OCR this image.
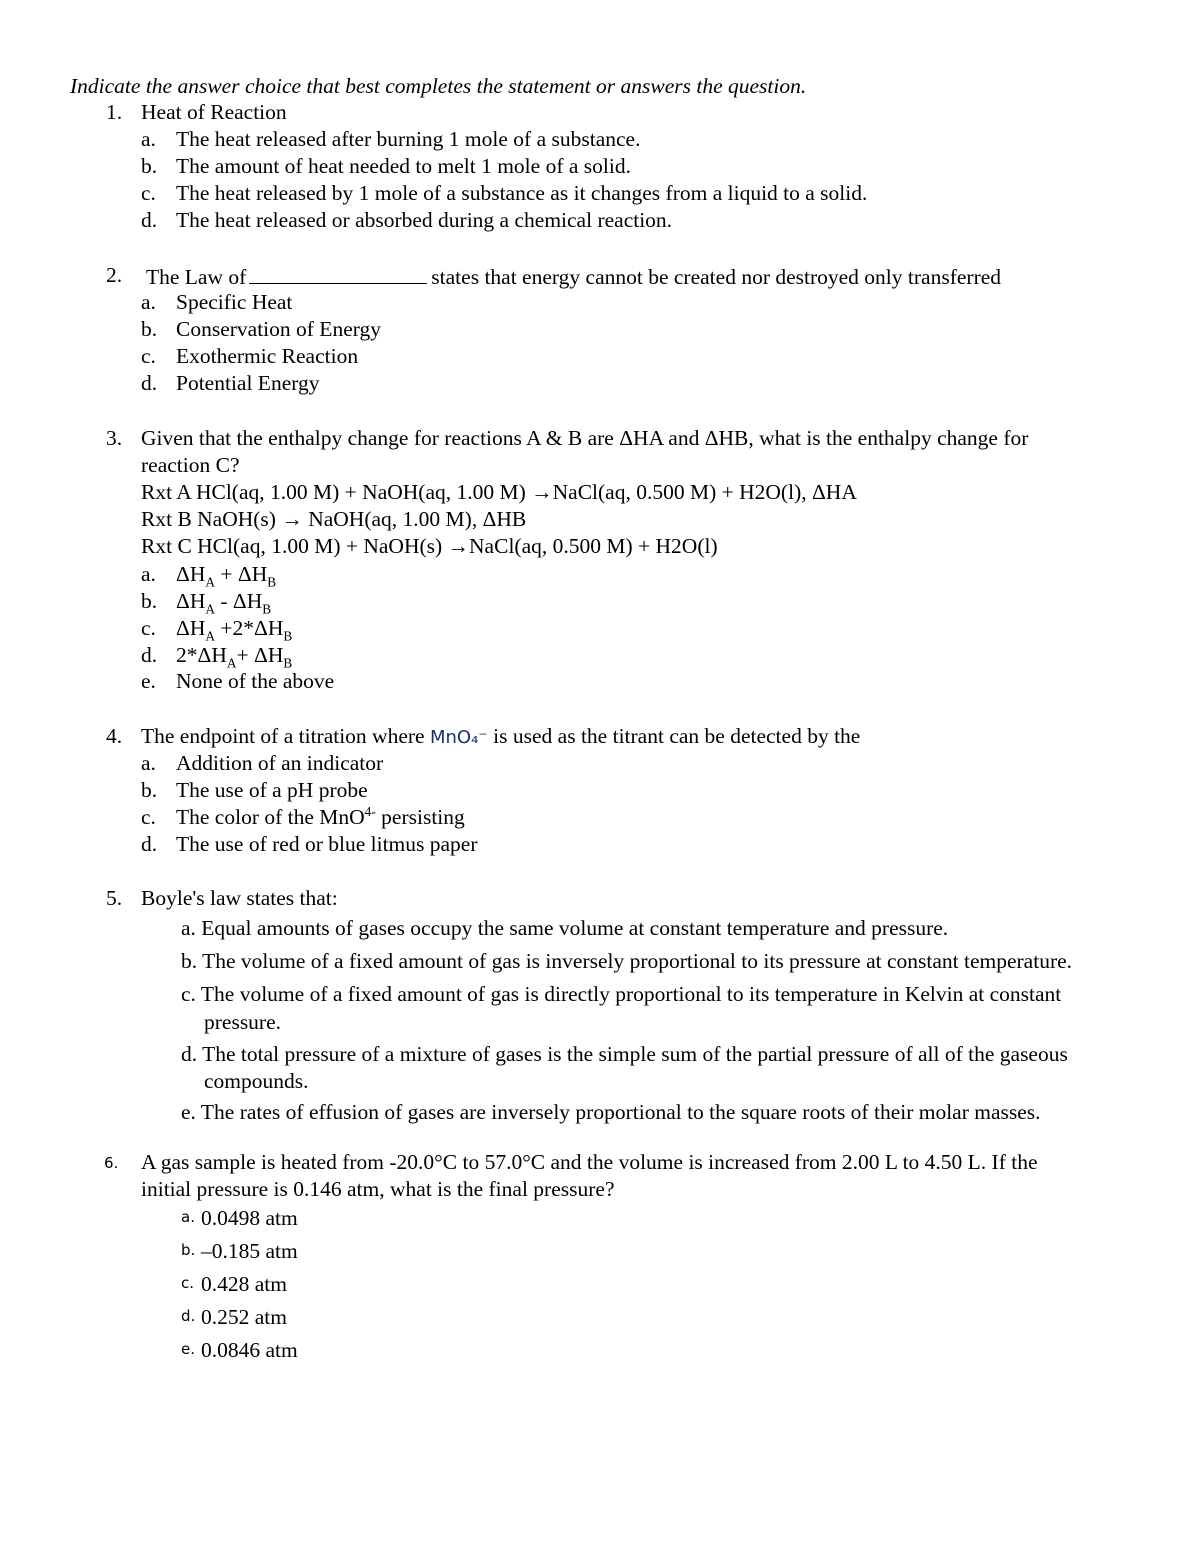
Indicate the answer choice that best completes the statement or answers the question.
1. Heat of Reaction
a. The heat released after burning 1 mole of a substance.
b. The amount of heat needed to melt 1 mole of a solid.
c. The heat released by 1 mole of a substance as it changes from a liquid to a solid.
d. The heat released or absorbed during a chemical reaction.
2. The Law of	states that energy cannot be created nor destroyed only transferred
a. Specific Heat
b. Conservation of Energy
c. Exothermic Reaction
d. Potential Energy
3. Given that the enthalpy change for reactions A & B are ΔHA and ΔHB, what is the enthalpy change for
reaction C?
Rxt A HCl(aq, 1.00 M) + NaOH(aq, 1.00 M) →NaCl(aq, 0.500 M) + H2O(l), ΔHA
Rxt B NaOH(s) → NaOH(aq, 1.00 M), ΔHB
Rxt C HCl(aq, 1.00 M) + NaOH(s) →NaCl(aq, 0.500 M) + H2O(l)
a. $\Delta H_A + \Delta H_B$
b. $\Delta H_A - \Delta H_B$
c. $\Delta H_A +2*\Delta H_B$
d. $2*\Delta H_A+ \Delta H_B$
e. None of the above
4. The endpoint of a titration where MnO₄⁻ is used as the titrant can be detected by the
a. Addition of an indicator
b. The use of a pH probe
c. The color of the MnO$^{4-}$ persisting
d. The use of red or blue litmus paper
5. Boyle's law states that:
a. Equal amounts of gases occupy the same volume at constant temperature and pressure.
b. The volume of a fixed amount of gas is inversely proportional to its pressure at constant temperature.
c. The volume of a fixed amount of gas is directly proportional to its temperature in Kelvin at constant
pressure.
d. The total pressure of a mixture of gases is the simple sum of the partial pressure of all of the gaseous
compounds.
e. The rates of effusion of gases are inversely proportional to the square roots of their molar masses.
6. A gas sample is heated from -20.0°C to 57.0°C and the volume is increased from 2.00 L to 4.50 L. If the
initial pressure is 0.146 atm, what is the final pressure?
a. 0.0498 atm
b. –0.185 atm
c. 0.428 atm
d. 0.252 atm
e. 0.0846 atm
